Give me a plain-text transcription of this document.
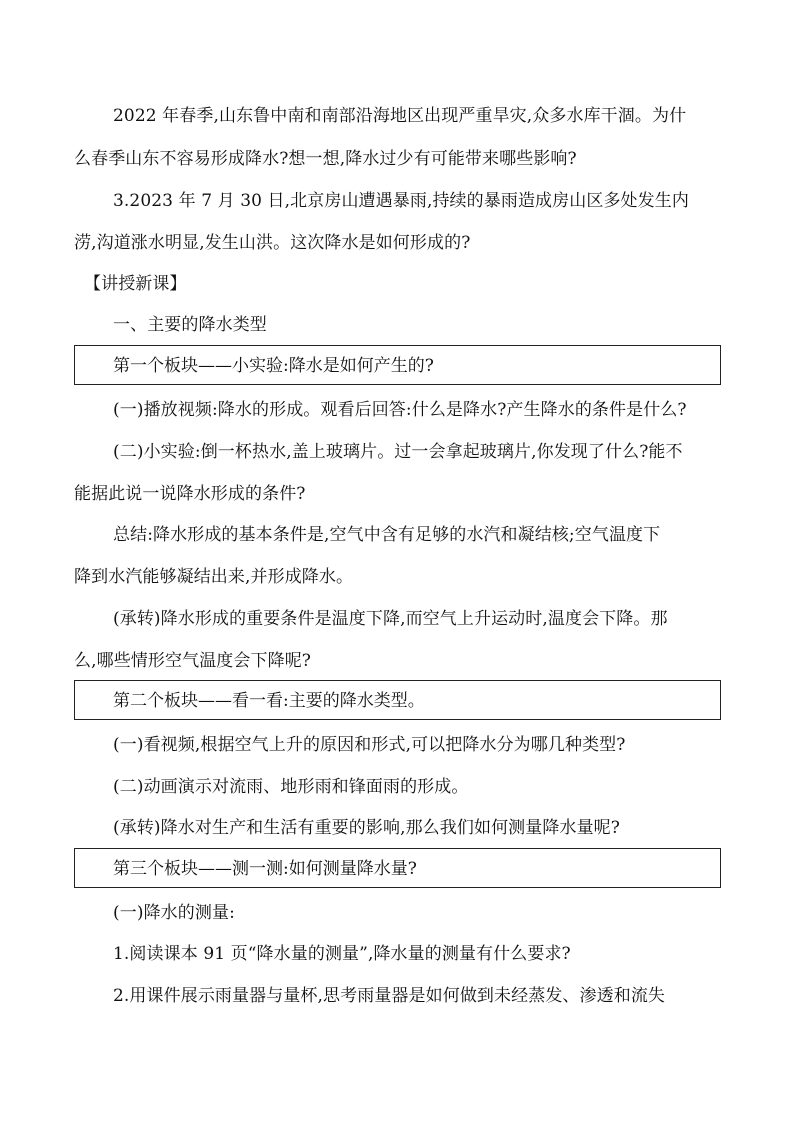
2022 年春季,山东鲁中南和南部沿海地区出现严重旱灾,众多水库干涸。为什
么春季山东不容易形成降水?想一想,降水过少有可能带来哪些影响?
3.2023 年 7 月 30 日,北京房山遭遇暴雨,持续的暴雨造成房山区多处发生内
涝,沟道涨水明显,发生山洪。这次降水是如何形成的?
【讲授新课】
一、主要的降水类型
第一个板块——小实验:降水是如何产生的?
(一)播放视频:降水的形成。观看后回答:什么是降水?产生降水的条件是什么?
(二)小实验:倒一杯热水,盖上玻璃片。过一会拿起玻璃片,你发现了什么?能不
能据此说一说降水形成的条件?
总结:降水形成的基本条件是,空气中含有足够的水汽和凝结核;空气温度下
降到水汽能够凝结出来,并形成降水。
(承转)降水形成的重要条件是温度下降,而空气上升运动时,温度会下降。那
么,哪些情形空气温度会下降呢?
第二个板块——看一看:主要的降水类型。
(一)看视频,根据空气上升的原因和形式,可以把降水分为哪几种类型?
(二)动画演示对流雨、地形雨和锋面雨的形成。
(承转)降水对生产和生活有重要的影响,那么我们如何测量降水量呢?
第三个板块——测一测:如何测量降水量?
(一)降水的测量:
1.阅读课本 91 页“降水量的测量”,降水量的测量有什么要求?
2.用课件展示雨量器与量杯,思考雨量器是如何做到未经蒸发、渗透和流失
